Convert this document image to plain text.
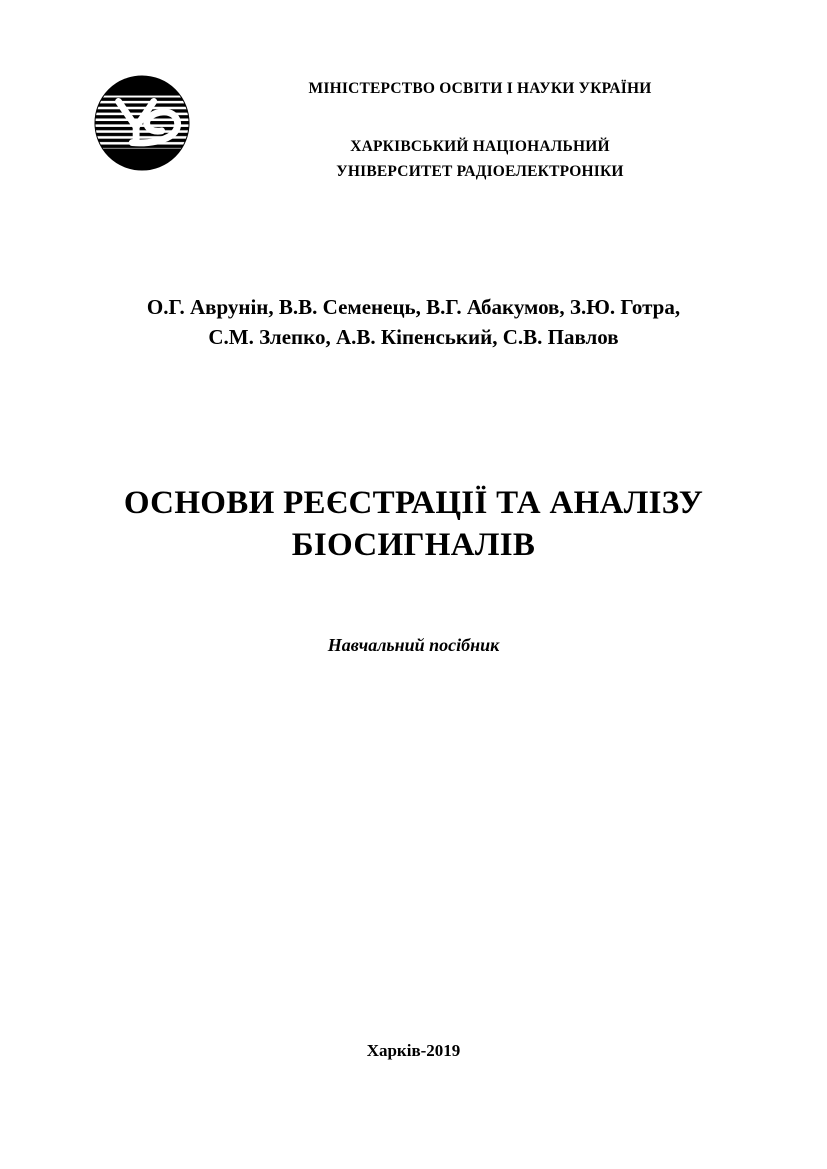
МІНІСТЕРСТВО ОСВІТИ І НАУКИ УКРАЇНИ
ХАРКІВСЬКИЙ НАЦІОНАЛЬНИЙ
УНІВЕРСИТЕТ РАДІОЕЛЕКТРОНІКИ
О.Г. Аврунін, В.В. Семенець, В.Г. Абакумов, З.Ю. Готра,
С.М. Злепко, А.В. Кіпенський, С.В. Павлов
ОСНОВИ РЕЄСТРАЦІЇ ТА АНАЛІЗУ
БІОСИГНАЛІВ
Навчальний посібник
Харків-2019
